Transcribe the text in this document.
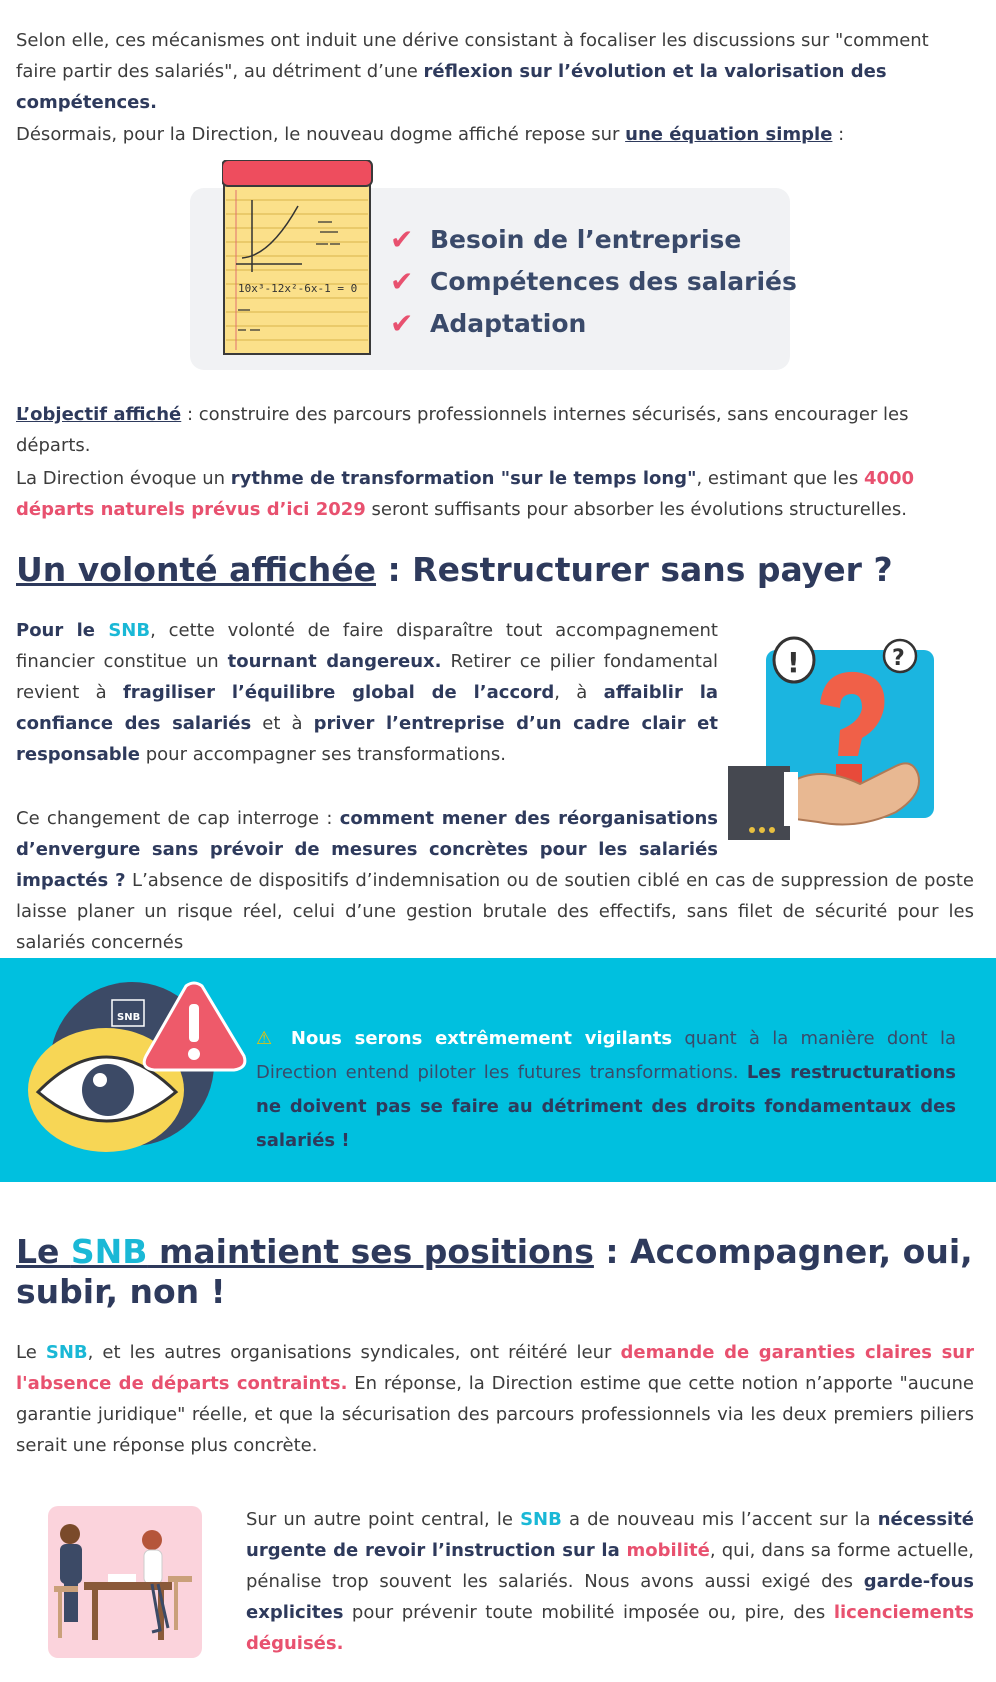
Selon elle, ces mécanismes ont induit une dérive consistant à focaliser les discussions sur "comment faire partir des salariés", au détriment d’une réflexion sur l’évolution et la valorisation des compétences.

Désormais, pour la Direction, le nouveau dogme affiché repose sur une équation simple :

10x³-12x²-6x-1 = 0
✔ Besoin de l’entreprise
✔ Compétences des salariés
✔ Adaptation

L’objectif affiché : construire des parcours professionnels internes sécurisés, sans encourager les départs.

La Direction évoque un rythme de transformation "sur le temps long", estimant que les 4000 départs naturels prévus d’ici 2029 seront suffisants pour absorber les évolutions structurelles.

Un volonté affichée : Restructurer sans payer ?

Pour le SNB, cette volonté de faire disparaître tout accompagnement financier constitue un tournant dangereux. Retirer ce pilier fondamental revient à fragiliser l’équilibre global de l’accord, à affaiblir la confiance des salariés et à priver l’entreprise d’un cadre clair et responsable pour accompagner ses transformations.

!	?
Ce changement de cap interroge : comment mener des réorganisations d’envergure sans prévoir de mesures concrètes pour les salariés impactés ? L’absence de dispositifs d’indemnisation ou de soutien ciblé en cas de suppression de poste laisse planer un risque réel, celui d’une gestion brutale des effectifs, sans filet de sécurité pour les salariés concernés
SNB

⚠ Nous serons extrêmement vigilants quant à la manière dont la Direction entend piloter les futures transformations. Les restructurations ne doivent pas se faire au détriment des droits fondamentaux des salariés !

Le SNB maintient ses positions : Accompagner, oui, subir, non !

Le SNB, et les autres organisations syndicales, ont réitéré leur demande de garanties claires sur l'absence de départs contraints. En réponse, la Direction estime que cette notion n’apporte "aucune garantie juridique" réelle, et que la sécurisation des parcours professionnels via les deux premiers piliers serait une réponse plus concrète.

Sur un autre point central, le SNB a de nouveau mis l’accent sur la nécessité urgente de revoir l’instruction sur la mobilité, qui, dans sa forme actuelle, pénalise trop souvent les salariés. Nous avons aussi exigé des garde-fous explicites pour prévenir toute mobilité imposée ou, pire, des licenciements déguisés.
